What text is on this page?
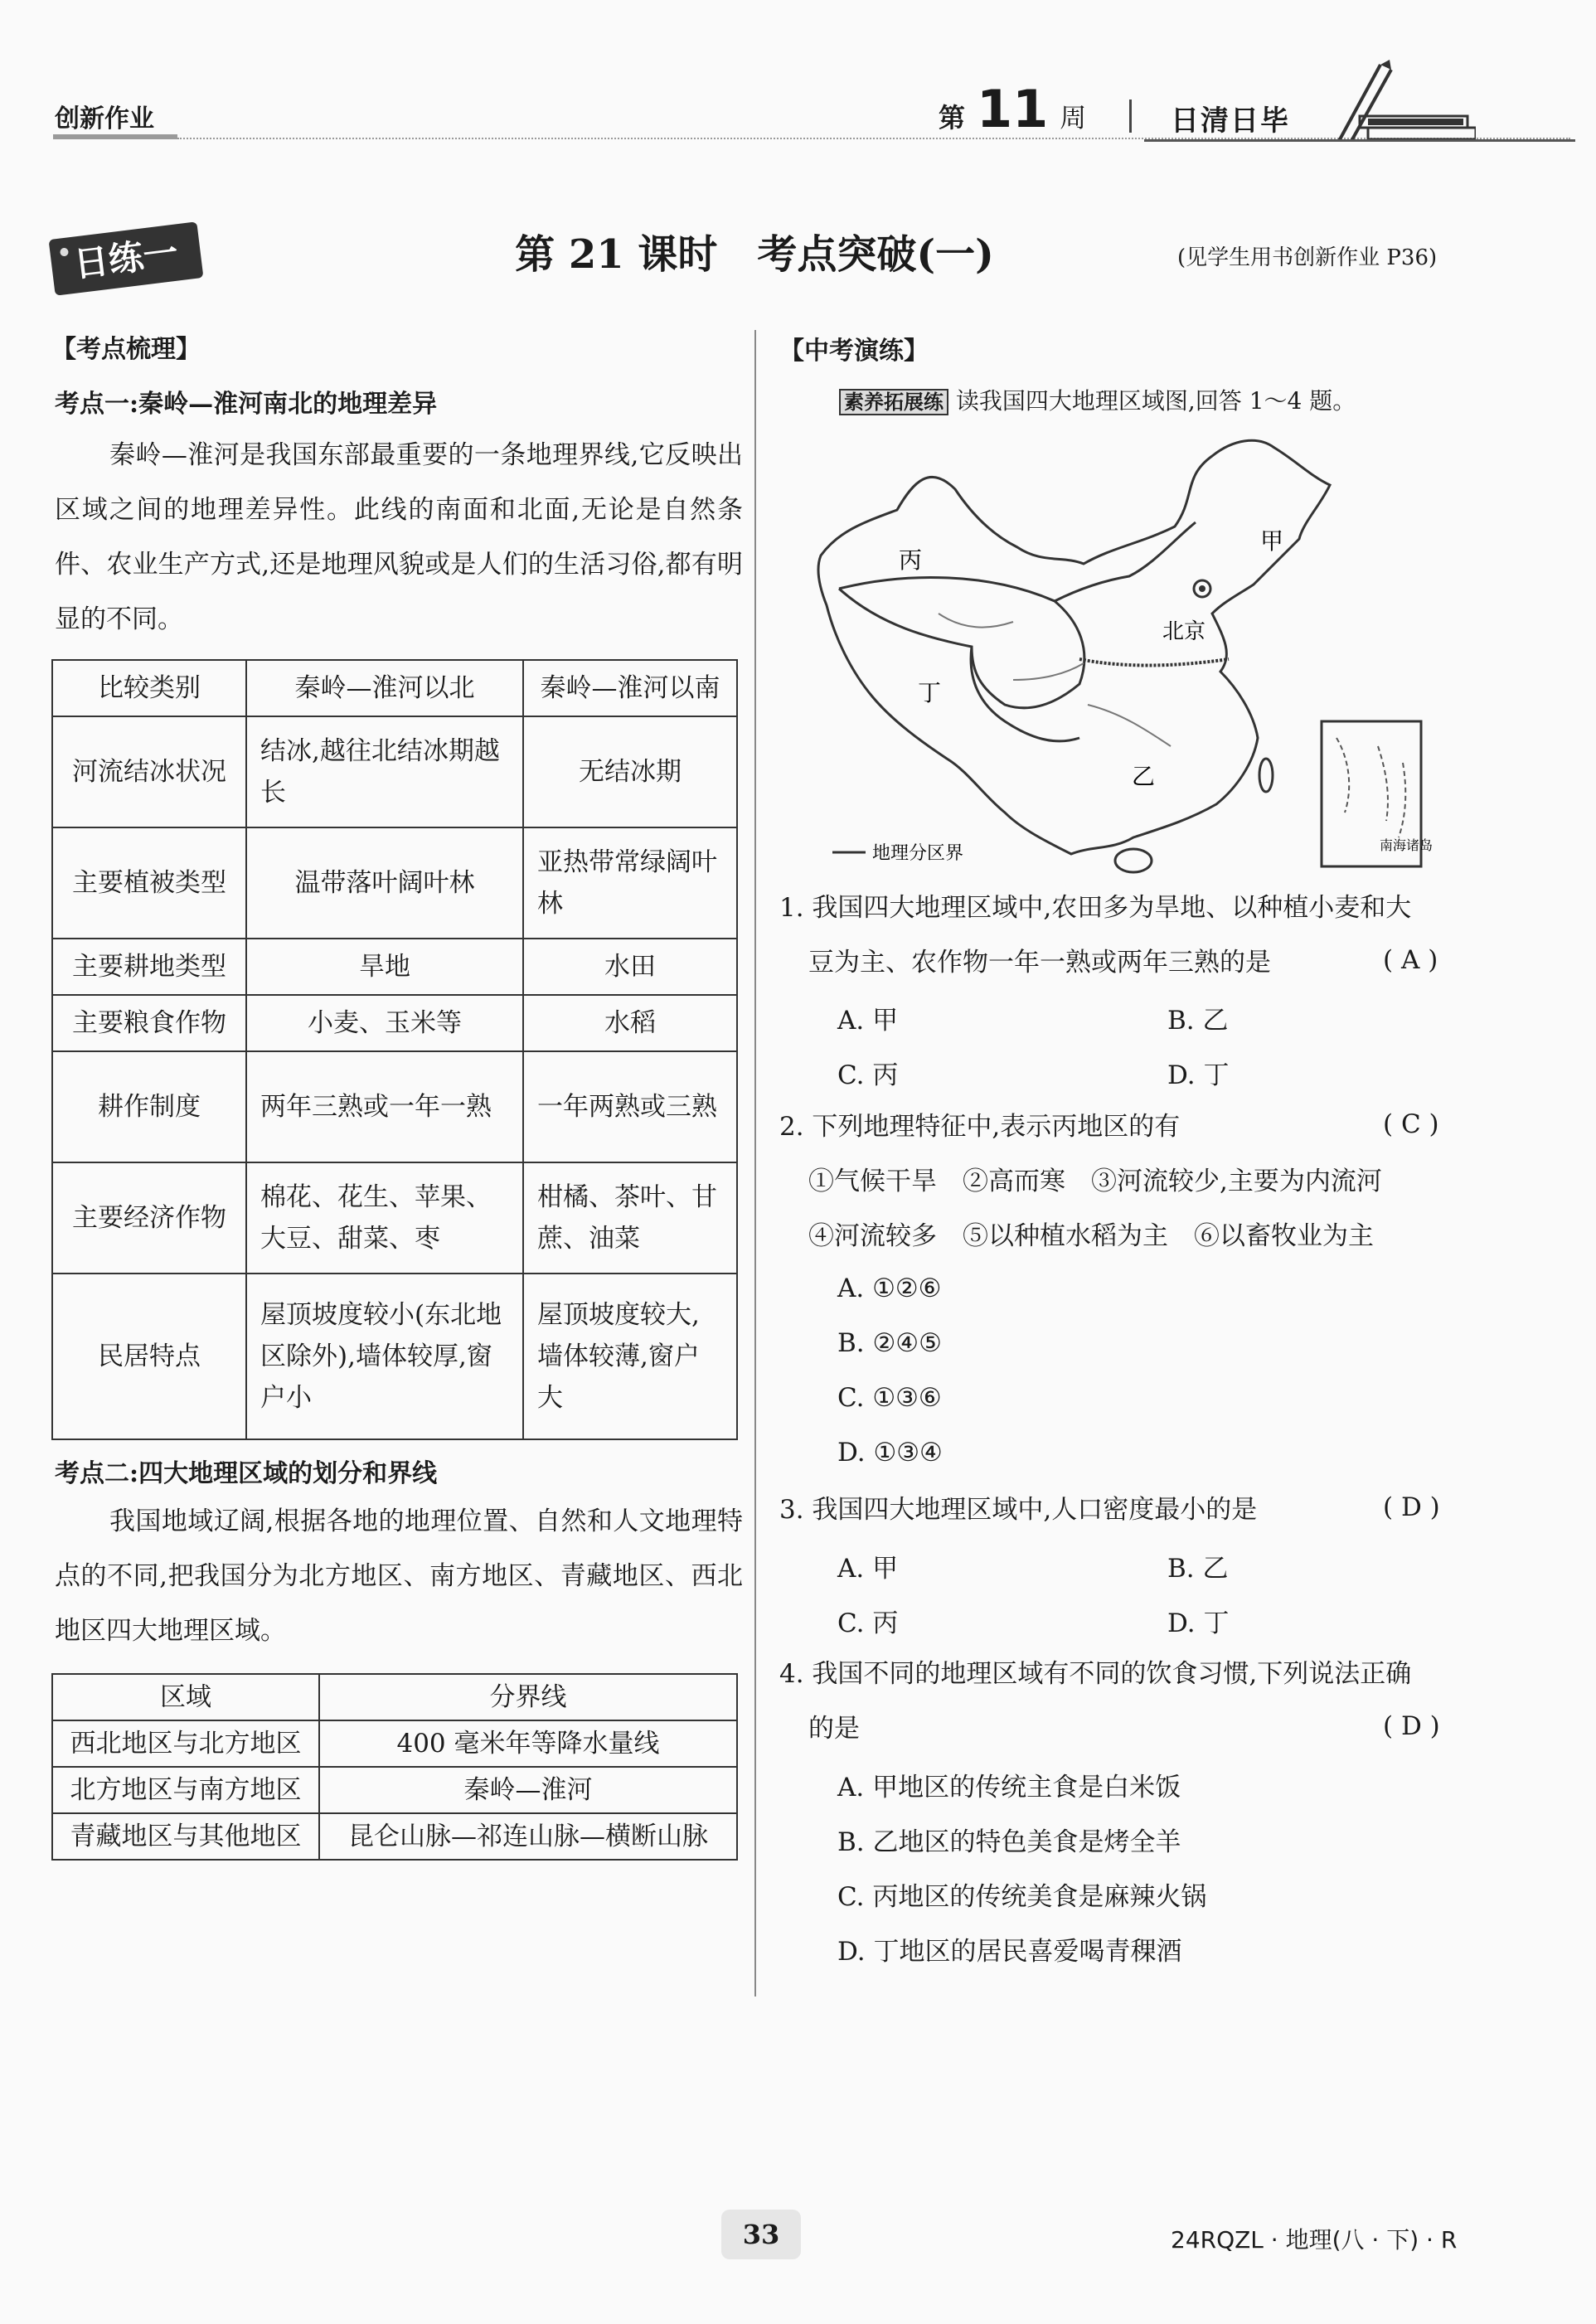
创新作业	第 11 周	日清日毕
日练一	第 21 课时　考点突破(一)	(见学生用书创新作业 P36)
【考点梳理】
考点一:秦岭—淮河南北的地理差异
秦岭—淮河是我国东部最重要的一条地理界线,它反映出区域之间的地理差异性。此线的南面和北面,无论是自然条件、农业生产方式,还是地理风貌或是人们的生活习俗,都有明显的不同。
比较类别	秦岭—淮河以北	秦岭—淮河以南
河流结冰状况	结冰,越往北结冰期越长	无结冰期
主要植被类型	温带落叶阔叶林	亚热带常绿阔叶林
主要耕地类型	旱地	水田
主要粮食作物	小麦、玉米等	水稻
耕作制度	两年三熟或一年一熟	一年两熟或三熟
主要经济作物	棉花、花生、苹果、大豆、甜菜、枣	柑橘、茶叶、甘蔗、油菜
民居特点	屋顶坡度较小(东北地区除外),墙体较厚,窗户小	屋顶坡度较大,墙体较薄,窗户大
考点二:四大地理区域的划分和界线
我国地域辽阔,根据各地的地理位置、自然和人文地理特点的不同,把我国分为北方地区、南方地区、青藏地区、西北地区四大地理区域。
区域	分界线
西北地区与北方地区	400 毫米年等降水量线
北方地区与南方地区	秦岭—淮河
青藏地区与其他地区	昆仑山脉—祁连山脉—横断山脉
【中考演练】
素养拓展练 读我国四大地理区域图,回答 1～4 题。
甲
乙
丙
丁
北京
地理分区界	南海诸岛
1. 我国四大地理区域中,农田多为旱地、以种植小麦和大
豆为主、农作物一年一熟或两年三熟的是	( A )
A. 甲	B. 乙
C. 丙	D. 丁
2. 下列地理特征中,表示丙地区的有	( C )
①气候干旱　②高而寒　③河流较少,主要为内流河
④河流较多　⑤以种植水稻为主　⑥以畜牧业为主
A. ①②⑥
B. ②④⑤
C. ①③⑥
D. ①③④
3. 我国四大地理区域中,人口密度最小的是	( D )
A. 甲	B. 乙
C. 丙	D. 丁
4. 我国不同的地理区域有不同的饮食习惯,下列说法正确
的是	( D )
A. 甲地区的传统主食是白米饭
B. 乙地区的特色美食是烤全羊
C. 丙地区的传统美食是麻辣火锅
D. 丁地区的居民喜爱喝青稞酒
33	24RQZL · 地理(八 · 下) · R
